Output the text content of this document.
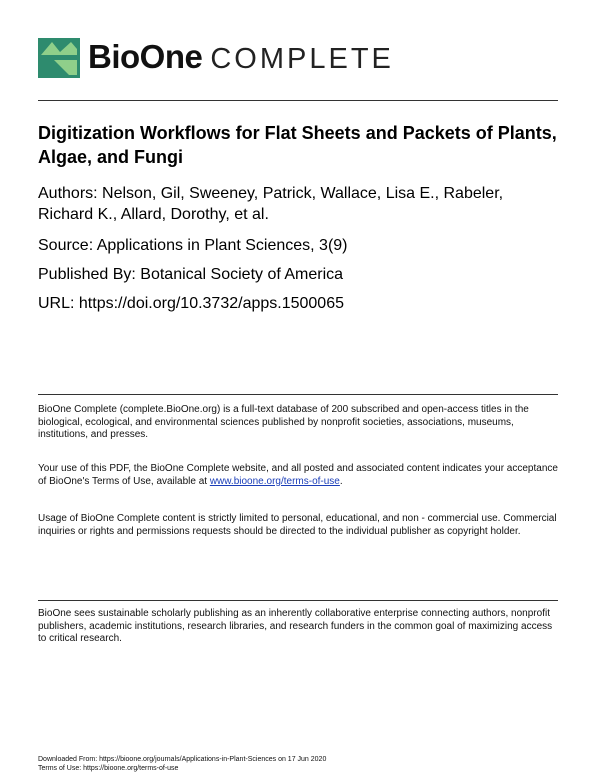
BioOne COMPLETE
Digitization Workflows for Flat Sheets and Packets of Plants, Algae, and Fungi

Authors: Nelson, Gil, Sweeney, Patrick, Wallace, Lisa E., Rabeler, Richard K., Allard, Dorothy, et al.

Source: Applications in Plant Sciences, 3(9)

Published By: Botanical Society of America

URL: https://doi.org/10.3732/apps.1500065

BioOne Complete (complete.BioOne.org) is a full-text database of 200 subscribed and open-access titles in the biological, ecological, and environmental sciences published by nonprofit societies, associations, museums, institutions, and presses.

Your use of this PDF, the BioOne Complete website, and all posted and associated content indicates your acceptance of BioOne's Terms of Use, available at www.bioone.org/terms-of-use.

Usage of BioOne Complete content is strictly limited to personal, educational, and non - commercial use. Commercial inquiries or rights and permissions requests should be directed to the individual publisher as copyright holder.

BioOne sees sustainable scholarly publishing as an inherently collaborative enterprise connecting authors, nonprofit publishers, academic institutions, research libraries, and research funders in the common goal of maximizing access to critical research.

Downloaded From: https://bioone.org/journals/Applications-in-Plant-Sciences on 17 Jun 2020

Terms of Use: https://bioone.org/terms-of-use
